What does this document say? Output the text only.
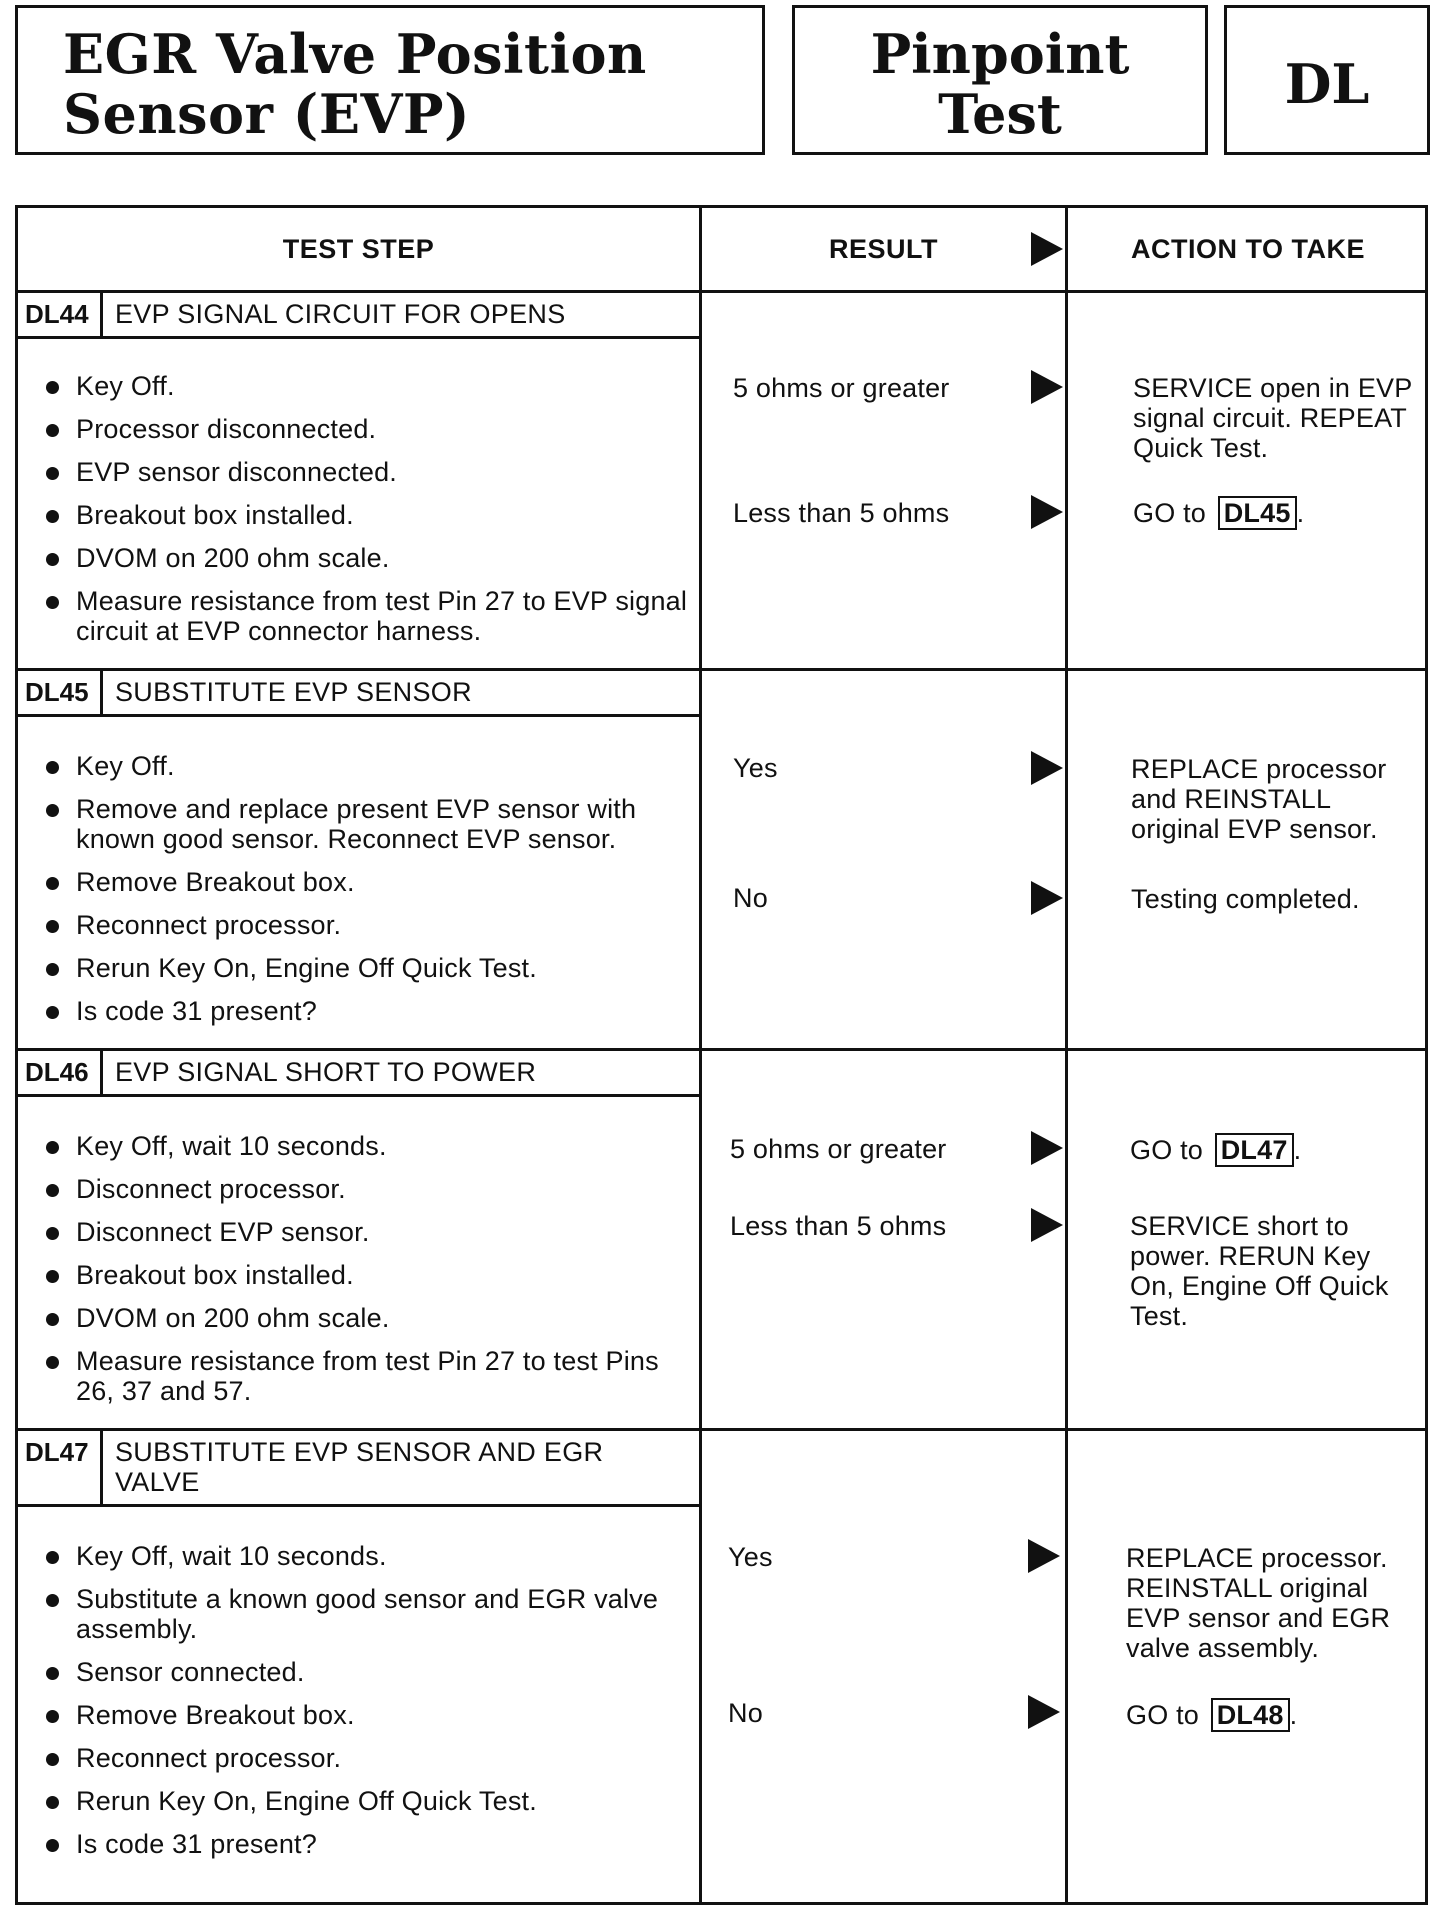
EGR Valve Position
Sensor (EVP)
Pinpoint
Test	DL
TEST STEP	RESULT	ACTION TO TAKE
DL44 EVP SIGNAL CIRCUIT FOR OPENS
Key Off.
Processor disconnected.
EVP sensor disconnected.
Breakout box installed.
DVOM on 200 ohm scale.
Measure resistance from test Pin 27 to EVP signal circuit at EVP connector harness.
5 ohms or greater	SERVICE open in EVP signal circuit. REPEAT Quick Test.
Less than 5 ohms	GO to DL45 .
DL45 SUBSTITUTE EVP SENSOR
Key Off.
Remove and replace present EVP sensor with known good sensor. Reconnect EVP sensor.
Remove Breakout box.
Reconnect processor.
Rerun Key On, Engine Off Quick Test.
Is code 31 present?
Yes	REPLACE processor and REINSTALL original EVP sensor.
No	Testing completed.
DL46 EVP SIGNAL SHORT TO POWER
Key Off, wait 10 seconds.
Disconnect processor.
Disconnect EVP sensor.
Breakout box installed.
DVOM on 200 ohm scale.
Measure resistance from test Pin 27 to test Pins 26, 37 and 57.
5 ohms or greater	GO to DL47 .
Less than 5 ohms	SERVICE short to power. RERUN Key On, Engine Off Quick Test.
DL47 SUBSTITUTE EVP SENSOR AND EGR VALVE
Key Off, wait 10 seconds.
Substitute a known good sensor and EGR valve assembly.
Sensor connected.
Remove Breakout box.
Reconnect processor.
Rerun Key On, Engine Off Quick Test.
Is code 31 present?
Yes	REPLACE processor. REINSTALL original EVP sensor and EGR valve assembly.
No	GO to DL48 .
